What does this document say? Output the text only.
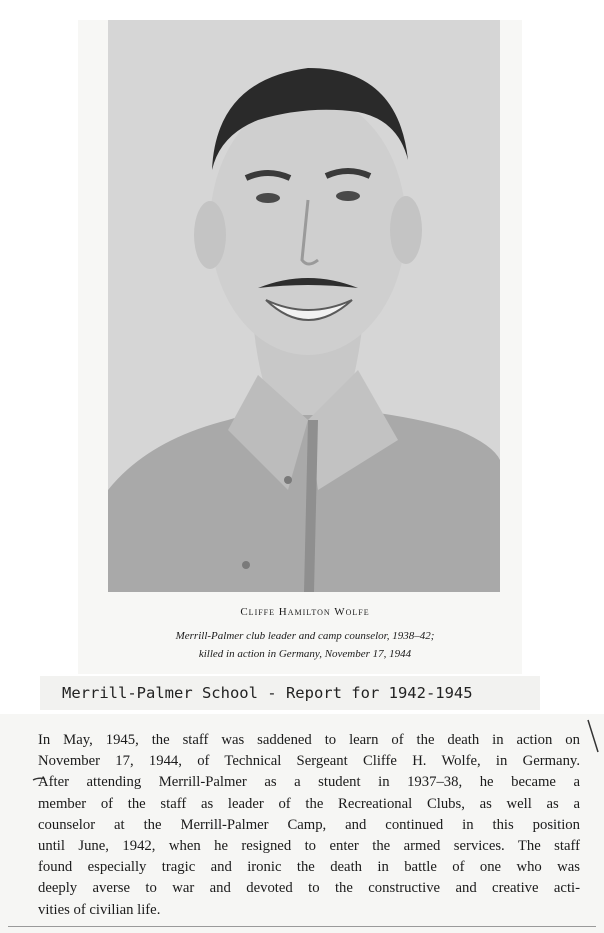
Cliffe Hamilton Wolfe
Merrill-Palmer club leader and camp counselor, 1938–42;
killed in action in Germany, November 17, 1944
Merrill-Palmer School - Report for 1942-1945
In May, 1945, the staff was saddened to learn of the death in action on
November 17, 1944, of Technical Sergeant Cliffe H. Wolfe, in Germany.
After attending Merrill-Palmer as a student in 1937–38, he became a
member of the staff as leader of the Recreational Clubs, as well as a
counselor at the Merrill-Palmer Camp, and continued in this position
until June, 1942, when he resigned to enter the armed services. The staff
found especially tragic and ironic the death in battle of one who was
deeply averse to war and devoted to the constructive and creative acti-
vities of civilian life.
